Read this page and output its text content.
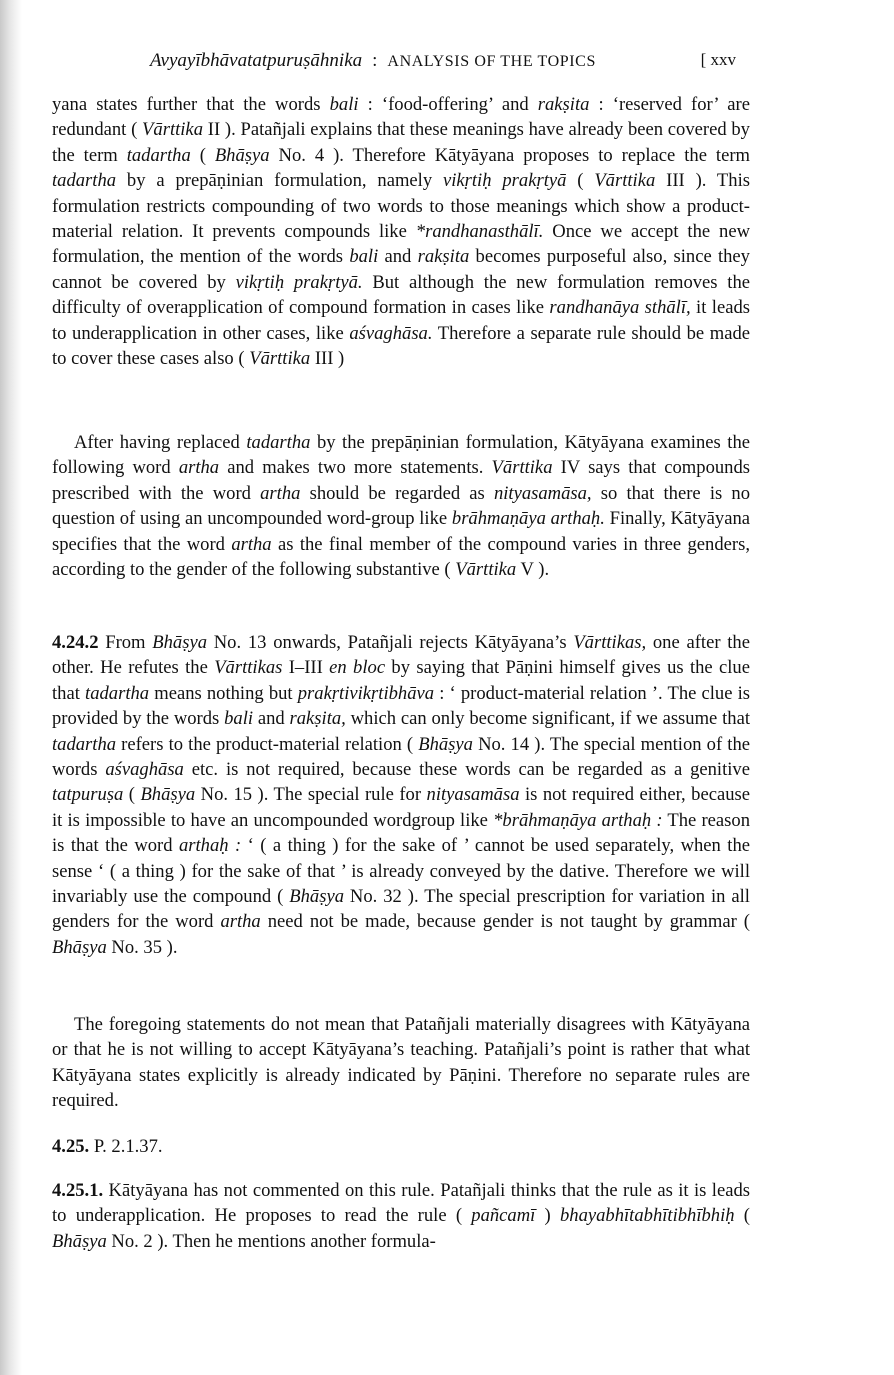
Avyayībhāvatatpuruṣāhnika : ANALYSIS OF THE TOPICS	[ xxv

yana states further that the words bali : ‘food-offering’ and rakṣita : ‘reserved for’ are redundant ( Vārttika II ). Patañjali explains that these meanings have already been covered by the term tadartha ( Bhāṣya No. 4 ). Therefore Kātyāyana proposes to replace the term tadartha by a prepāṇinian formulation, namely vikṛtiḥ prakṛtyā ( Vārttika III ). This formulation restricts compounding of two words to those meanings which show a product-material relation. It prevents compounds like *randhanasthālī. Once we accept the new formulation, the mention of the words bali and rakṣita becomes purposeful also, since they cannot be covered by vikṛtiḥ prakṛtyā. But although the new formulation removes the difficulty of overapplication of compound formation in cases like randhanāya sthālī, it leads to underapplication in other cases, like aśvaghāsa. Therefore a separate rule should be made to cover these cases also ( Vārttika III )

After having replaced tadartha by the prepāṇinian formulation, Kātyāyana examines the following word artha and makes two more statements. Vārttika IV says that compounds prescribed with the word artha should be regarded as nityasamāsa, so that there is no question of using an uncompounded word-group like brāhmaṇāya arthaḥ. Finally, Kātyāyana specifies that the word artha as the final member of the compound varies in three genders, according to the gender of the following substantive ( Vārttika V ).

4.24.2 From Bhāṣya No. 13 onwards, Patañjali rejects Kātyāyana’s Vārttikas, one after the other. He refutes the Vārttikas I–III en bloc by saying that Pāṇini himself gives us the clue that tadartha means nothing but prakṛtivikṛtibhāva : ‘ product-material relation ’. The clue is provided by the words bali and rakṣita, which can only become significant, if we assume that tadartha refers to the product-material relation ( Bhāṣya No. 14 ). The special mention of the words aśvaghāsa etc. is not required, because these words can be regarded as a genitive tatpuruṣa ( Bhāṣya No. 15 ). The special rule for nityasamāsa is not required either, because it is impossible to have an uncompounded wordgroup like *brāhmaṇāya arthaḥ : The reason is that the word arthaḥ : ‘ ( a thing ) for the sake of ’ cannot be used separately, when the sense ‘ ( a thing ) for the sake of that ’ is already conveyed by the dative. Therefore we will invariably use the compound ( Bhāṣya No. 32 ). The special prescription for variation in all genders for the word artha need not be made, because gender is not taught by grammar ( Bhāṣya No. 35 ).

The foregoing statements do not mean that Patañjali materially disagrees with Kātyāyana or that he is not willing to accept Kātyāyana’s teaching. Patañjali’s point is rather that what Kātyāyana states explicitly is already indicated by Pāṇini. Therefore no separate rules are required.

4.25. P. 2.1.37.

4.25.1. Kātyāyana has not commented on this rule. Patañjali thinks that the rule as it is leads to underapplication. He proposes to read the rule ( pañcamī ) bhayabhītabhītibhībhiḥ ( Bhāṣya No. 2 ). Then he mentions another formula-
